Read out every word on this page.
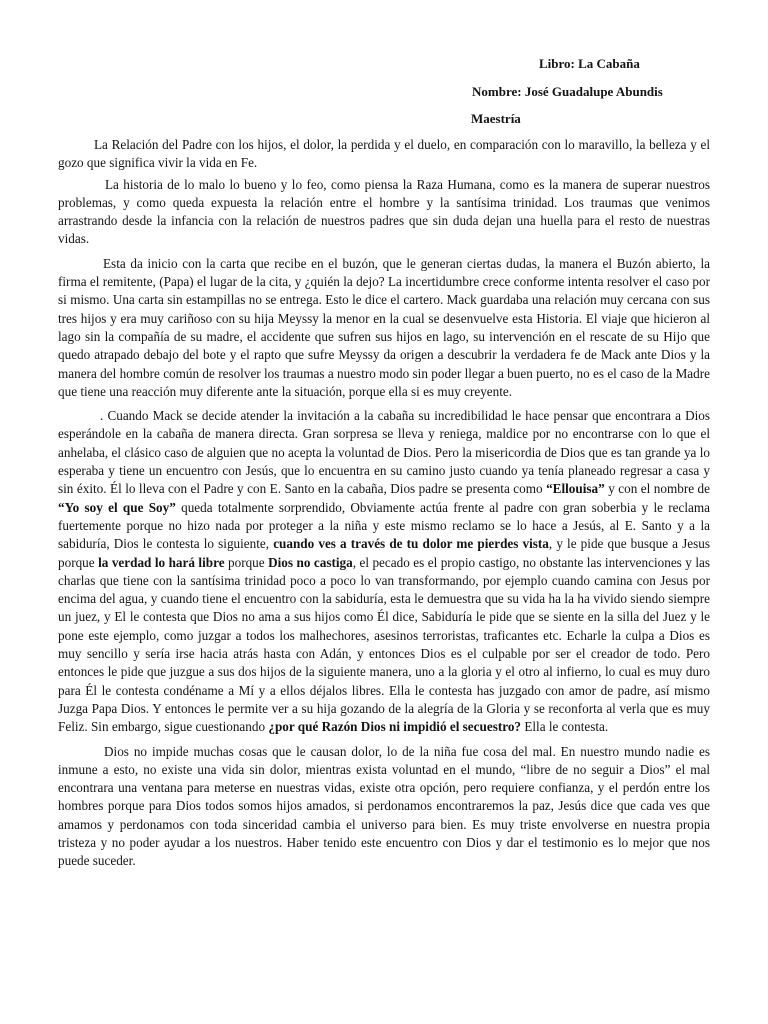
Libro: La Cabaña

Nombre: José Guadalupe Abundis

Maestría

La Relación del Padre con los hijos, el dolor, la perdida y el duelo, en comparación con lo maravillo, la belleza y el gozo que significa vivir la vida en Fe.

La historia de lo malo lo bueno y lo feo, como piensa la Raza Humana, como es la manera de superar nuestros problemas, y como queda expuesta la relación entre el hombre y la santísima trinidad. Los traumas que venimos arrastrando desde la infancia con la relación de nuestros padres que sin duda dejan una huella para el resto de nuestras vidas.

Esta da inicio con la carta que recibe en el buzón, que le generan ciertas dudas, la manera el Buzón abierto, la firma el remitente, (Papa) el lugar de la cita, y ¿quién la dejo? La incertidumbre crece conforme intenta resolver el caso por si mismo. Una carta sin estampillas no se entrega. Esto le dice el cartero. Mack guardaba una relación muy cercana con sus tres hijos y era muy cariñoso con su hija Meyssy la menor en la cual se desenvuelve esta Historia. El viaje que hicieron al lago sin la compañía de su madre, el accidente que sufren sus hijos en lago, su intervención en el rescate de su Hijo que quedo atrapado debajo del bote y el rapto que sufre Meyssy da origen a descubrir la verdadera fe de Mack ante Dios y la manera del hombre común de resolver los traumas a nuestro modo sin poder llegar a buen puerto, no es el caso de la Madre que tiene una reacción muy diferente ante la situación, porque ella si es muy creyente.

. Cuando Mack se decide atender la invitación a la cabaña su incredibilidad le hace pensar que encontrara a Dios esperándole en la cabaña de manera directa. Gran sorpresa se lleva y reniega, maldice por no encontrarse con lo que el anhelaba, el clásico caso de alguien que no acepta la voluntad de Dios. Pero la misericordia de Dios que es tan grande ya lo esperaba y tiene un encuentro con Jesús, que lo encuentra en su camino justo cuando ya tenía planeado regresar a casa y sin éxito. Él lo lleva con el Padre y con E. Santo en la cabaña, Dios padre se presenta como “Ellouisa” y con el nombre de “Yo soy el que Soy” queda totalmente sorprendido, Obviamente actúa frente al padre con gran soberbia y le reclama fuertemente porque no hizo nada por proteger a la niña y este mismo reclamo se lo hace a Jesús, al E. Santo y a la sabiduría, Dios le contesta lo siguiente, cuando ves a través de tu dolor me pierdes vista, y le pide que busque a Jesus porque la verdad lo hará libre porque Dios no castiga, el pecado es el propio castigo, no obstante las intervenciones y las charlas que tiene con la santísima trinidad poco a poco lo van transformando, por ejemplo cuando camina con Jesus por encima del agua, y cuando tiene el encuentro con la sabiduría, esta le demuestra que su vida ha la ha vivido siendo siempre un juez, y El le contesta que Dios no ama a sus hijos como Él dice, Sabiduría le pide que se siente en la silla del Juez y le pone este ejemplo, como juzgar a todos los malhechores, asesinos terroristas, traficantes etc. Echarle la culpa a Dios es muy sencillo y sería irse hacia atrás hasta con Adán, y entonces Dios es el culpable por ser el creador de todo. Pero entonces le pide que juzgue a sus dos hijos de la siguiente manera, uno a la gloria y el otro al infierno, lo cual es muy duro para Él le contesta condéname a Mí y a ellos déjalos libres. Ella le contesta has juzgado con amor de padre, así mismo Juzga Papa Dios. Y entonces le permite ver a su hija gozando de la alegría de la Gloria y se reconforta al verla que es muy Feliz. Sin embargo, sigue cuestionando ¿por qué Razón Dios ni impidió el secuestro? Ella le contesta.

Dios no impide muchas cosas que le causan dolor, lo de la niña fue cosa del mal. En nuestro mundo nadie es inmune a esto, no existe una vida sin dolor, mientras exista voluntad en el mundo, “libre de no seguir a Dios” el mal encontrara una ventana para meterse en nuestras vidas, existe otra opción, pero requiere confianza, y el perdón entre los hombres porque para Dios todos somos hijos amados, si perdonamos encontraremos la paz, Jesús dice que cada ves que amamos y perdonamos con toda sinceridad cambia el universo para bien. Es muy triste envolverse en nuestra propia tristeza y no poder ayudar a los nuestros. Haber tenido este encuentro con Dios y dar el testimonio es lo mejor que nos puede suceder.
